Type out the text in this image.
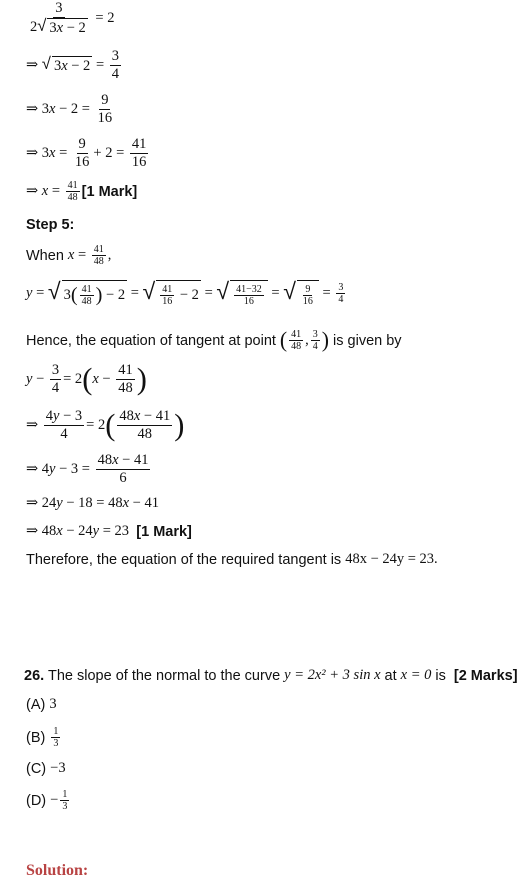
$\frac{3}{2 √ 3 x - 2} = 2$
⇒ √ 3 $x - 2 = \frac{3}{4}$
⇒ 3 $x - 2 = \frac{9}{16}$
⇒ 3 $x = \frac{9}{16} + 2 = \frac{41}{16}$
⇒ $x = \frac{41}{48} [1$ Mark]
Step 5:
When $x = \frac{41}{48}$ ,
y = √ 3 ( $\frac{41}{48}$ ) − 2 = √ $\frac{41}{16} - 2$ = √ $\frac{41-32}{16}$ = √ $\frac{9}{16} = \frac{3}{4}$
Hence, the equation of tangent at point ( $\frac{41}{48}$ , $\frac{3}{4}$ ) is given by
$y - \frac{3}{4} = 2$ ( $x - \frac{41}{48}$ )
⇒ $\frac{4y - 3}{4} = 2$ ( $\frac{48x - 41}{48}$ )
⇒ 4 $y - 3 = \frac{48x - 41}{6}$
⇒ 24 y − 18 = 48 x − 41
⇒ 48 x − 24 y = 23 [1 Mark]
Therefore, the equation of the required tangent is 48x − 24y = 23.
26. The slope of the normal to the curve y = 2x² + 3 sin x at x = 0 is [2 Marks]
(A) 3
$(B) \frac{1}{3}$
(C) −3
$(D) - \frac{1}{3}$
Solution:
